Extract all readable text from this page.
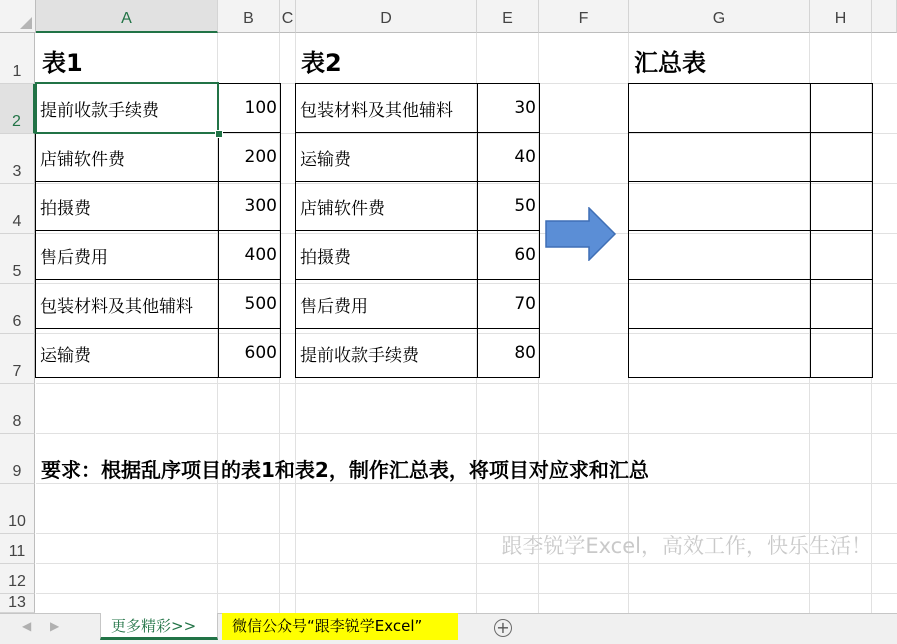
A	B	C	D	E	F	G	H
1
2
3
4
5
6
7
8
9
10
11
12
13
表1	表2	汇总表
提前收款手续费	100
店铺软件费	200
拍摄费	300
售后费用	400
包装材料及其他辅料	500
运输费	600
包装材料及其他辅料	30
运输费	40
店铺软件费	50
拍摄费	60
售后费用	70
提前收款手续费	80

要求：根据乱序项目的表1和表2，制作汇总表，将项目对应求和汇总
跟李锐学Excel，高效工作，快乐生活！
◀ ▶	更多精彩>>	微信公众号“跟李锐学Excel”	+
